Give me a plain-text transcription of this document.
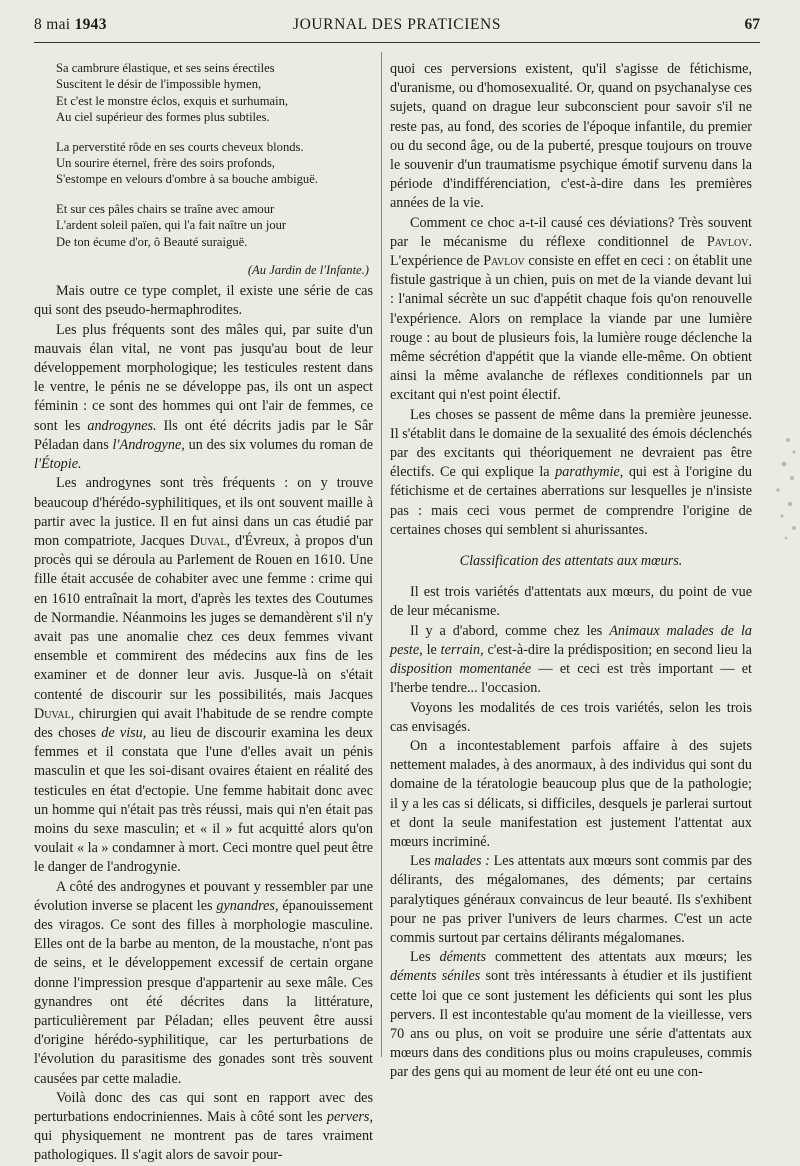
8 mai 1943	JOURNAL DES PRATICIENS	67
Sa cambrure élastique, et ses seins érectiles
Suscitent le désir de l'impossible hymen,
Et c'est le monstre éclos, exquis et surhumain,
Au ciel supérieur des formes plus subtiles.
La perverstité rôde en ses courts cheveux blonds.
Un sourire éternel, frère des soirs profonds,
S'estompe en velours d'ombre à sa bouche ambiguë.
Et sur ces pâles chairs se traîne avec amour
L'ardent soleil païen, qui l'a fait naître un jour
De ton écume d'or, ô Beauté suraiguë.
(Au Jardin de l'Infante.)

Mais outre ce type complet, il existe une série de cas qui sont des pseudo-hermaphrodites.

Les plus fréquents sont des mâles qui, par suite d'un mauvais élan vital, ne vont pas jusqu'au bout de leur développement morphologique; les testicules restent dans le ventre, le pénis ne se développe pas, ils ont un aspect féminin : ce sont des hommes qui ont l'air de femmes, ce sont les androgynes. Ils ont été décrits jadis par le Sâr Péladan dans l'Androgyne, un des six volumes du roman de l'Étopie.

Les androgynes sont très fréquents : on y trouve beaucoup d'hérédo-syphilitiques, et ils ont souvent maille à partir avec la justice. Il en fut ainsi dans un cas étudié par mon compatriote, Jacques Duval, d'Évreux, à propos d'un procès qui se déroula au Parlement de Rouen en 1610. Une fille était accusée de cohabiter avec une femme : crime qui en 1610 entraînait la mort, d'après les textes des Coutumes de Normandie. Néanmoins les juges se demandèrent s'il n'y avait pas une anomalie chez ces deux femmes vivant ensemble et commirent des médecins aux fins de les examiner et de donner leur avis. Jusque-là on s'était contenté de discourir sur les possibilités, mais Jacques Duval, chirurgien qui avait l'habitude de se rendre compte des choses de visu, au lieu de discourir examina les deux femmes et il constata que l'une d'elles avait un pénis masculin et que les soi-disant ovaires étaient en réalité des testicules en état d'ectopie. Une femme habitait donc avec un homme qui n'était pas très réussi, mais qui n'en était pas moins du sexe masculin; et « il » fut acquitté alors qu'on voulait « la » condamner à mort. Ceci montre quel peut être le danger de l'androgynie.

A côté des androgynes et pouvant y ressembler par une évolution inverse se placent les gynandres, épanouissement des viragos. Ce sont des filles à morphologie masculine. Elles ont de la barbe au menton, de la moustache, n'ont pas de seins, et le développement excessif de certain organe donne l'impression presque d'appartenir au sexe mâle. Ces gynandres ont été décrites dans la littérature, particulièrement par Péladan; elles peuvent être aussi d'origine hérédo-syphilitique, car les perturbations de l'évolution du parasitisme des gonades sont très souvent causées par cette maladie.

Voilà donc des cas qui sont en rapport avec des perturbations endocriniennes. Mais à côté sont les pervers, qui physiquement ne montrent pas de tares vraiment pathologiques. Il s'agit alors de savoir pour-

quoi ces perversions existent, qu'il s'agisse de fétichisme, d'uranisme, ou d'homosexualité. Or, quand on psychanalyse ces sujets, quand on drague leur subconscient pour savoir s'il ne reste pas, au fond, des scories de l'époque infantile, du premier ou du second âge, ou de la puberté, presque toujours on trouve le souvenir d'un traumatisme psychique émotif survenu dans la période d'indifférenciation, c'est-à-dire dans les premières années de la vie.

Comment ce choc a-t-il causé ces déviations? Très souvent par le mécanisme du réflexe conditionnel de Pavlov. L'expérience de Pavlov consiste en effet en ceci : on établit une fistule gastrique à un chien, puis on met de la viande devant lui : l'animal sécrète un suc d'appétit chaque fois qu'on renouvelle l'expérience. Alors on remplace la viande par une lumière rouge : au bout de plusieurs fois, la lumière rouge déclenche la même sécrétion d'appétit que la viande elle-même. On obtient ainsi la même avalanche de réflexes conditionnels par un excitant qui n'est point électif.

Les choses se passent de même dans la première jeunesse. Il s'établit dans le domaine de la sexualité des émois déclenchés par des excitants qui théoriquement ne devraient pas être électifs. Ce qui explique la parathymie, qui est à l'origine du fétichisme et de certaines aberrations sur lesquelles je n'insiste pas : mais ceci vous permet de comprendre l'origine de certaines choses qui semblent si ahurissantes.

Classification des attentats aux mœurs.

Il est trois variétés d'attentats aux mœurs, du point de vue de leur mécanisme.

Il y a d'abord, comme chez les Animaux malades de la peste, le terrain, c'est-à-dire la prédisposition; en second lieu la disposition momentanée — et ceci est très important — et l'herbe tendre... l'occasion.

Voyons les modalités de ces trois variétés, selon les trois cas envisagés.

On a incontestablement parfois affaire à des sujets nettement malades, à des anormaux, à des individus qui sont du domaine de la tératologie beaucoup plus que de la pathologie; il y a les cas si délicats, si difficiles, desquels je parlerai surtout et dont la seule manifestation est justement l'attentat aux mœurs incriminé.

Les malades : Les attentats aux mœurs sont commis par des délirants, des mégalomanes, des déments; par certains paralytiques généraux convaincus de leur beauté. Ils s'exhibent pour ne pas priver l'univers de leurs charmes. C'est un acte commis surtout par certains délirants mégalomanes.

Les déments commettent des attentats aux mœurs; les déments séniles sont très intéressants à étudier et ils justifient cette loi que ce sont justement les déficients qui sont les plus pervers. Il est incontestable qu'au moment de la vieillesse, vers 70 ans ou plus, on voit se produire une série d'attentats aux mœurs dans des conditions plus ou moins crapuleuses, commis par des gens qui au moment de leur été ont eu une con-
